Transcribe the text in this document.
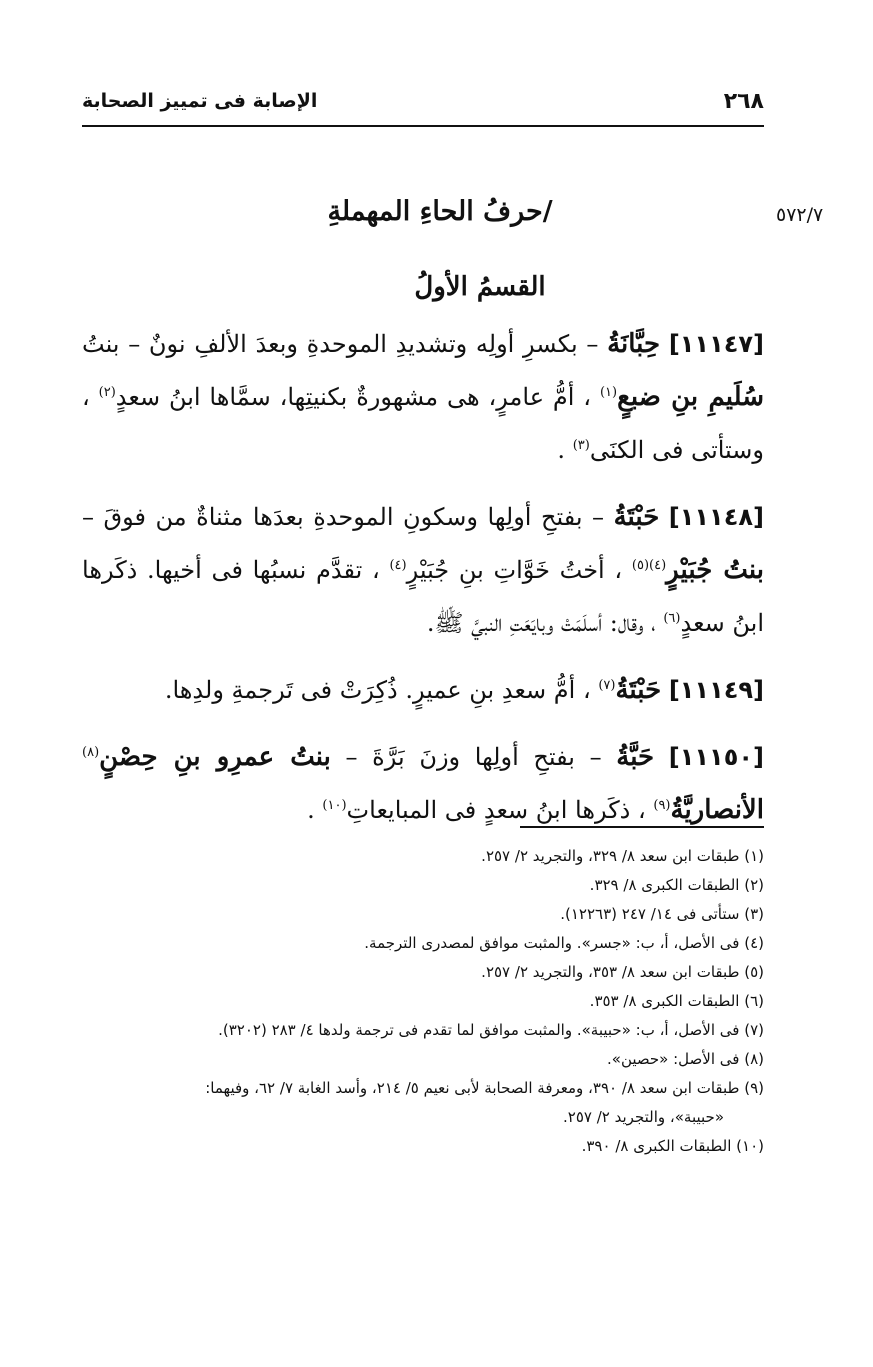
الإصابة فى تمييز الصحابة	٢٦٨
٥٧٢/٧
/حرفُ الحاءِ المهملةِ
القسمُ الأولُ

[١١١٤٧] حِبَّانَةُ – بكسرِ أولِه وتشديدِ الموحدةِ وبعدَ الألفِ نونٌ – بنتُ سُلَيمِ بنِ ضبعٍ$^{(١)}$ ، أمُّ عامرٍ، هى مشهورةٌ بكنيتِها، سمَّاها ابنُ سعدٍ$^{(٢)}$ ، وستأتى فى الكنَى$^{(٣)}$ .

[١١١٤٨] حَبْتَةُ – بفتحِ أولِها وسكونِ الموحدةِ بعدَها مثناةٌ من فوقَ – بنتُ جُبَيْرٍ$^{(٤)(٥)}$ ، أختُ خَوَّاتِ بنِ جُبَيْرٍ$^{(٤)}$ ، تقدَّم نسبُها فى أخيها. ذكَرها ابنُ سعدٍ$^{(٦)}$ ، وقال: أسلَمَتْ وبايَعَتِ النبيَّ ﷺ.

[١١١٤٩] حَبْتَةُ$^{(٧)}$ ، أمُّ سعدِ بنِ عميرٍ. ذُكِرَتْ فى تَرجمةِ ولدِها.

[١١١٥٠] حَبَّةُ – بفتحِ أولِها وزنَ بَرَّةَ – بنتُ عمرِو بنِ حِصْنٍ$^{(٨)}$ الأنصاريَّةُ$^{(٩)}$ ، ذكَرها ابنُ سعدٍ فى المبايعاتِ$^{(١٠)}$ .

(١) طبقات ابن سعد ٨/ ٣٢٩، والتجريد ٢/ ٢٥٧.

(٢) الطبقات الكبرى ٨/ ٣٢٩.

(٣) ستأتى فى ١٤/ ٢٤٧ (١٢٢٦٣).

(٤) فى الأصل، أ، ب: «جسر». والمثبت موافق لمصدرى الترجمة.

(٥) طبقات ابن سعد ٨/ ٣٥٣، والتجريد ٢/ ٢٥٧.

(٦) الطبقات الكبرى ٨/ ٣٥٣.

(٧) فى الأصل، أ، ب: «حبيبة». والمثبت موافق لما تقدم فى ترجمة ولدها ٤/ ٢٨٣ (٣٢٠٢).

(٨) فى الأصل: «حصين».

(٩) طبقات ابن سعد ٨/ ٣٩٠، ومعرفة الصحابة لأبى نعيم ٥/ ٢١٤، وأسد الغابة ٧/ ٦٢، وفيهما:

«حبيبة»، والتجريد ٢/ ٢٥٧.

(١٠) الطبقات الكبرى ٨/ ٣٩٠.
